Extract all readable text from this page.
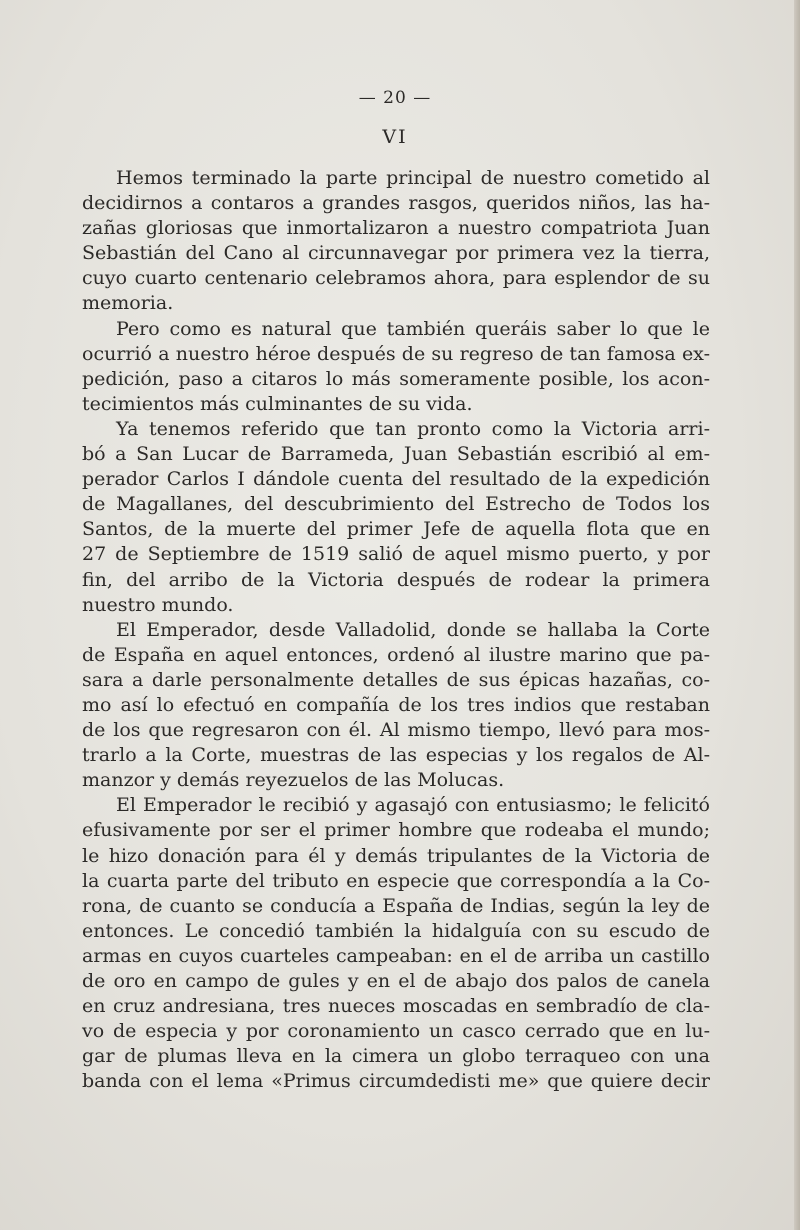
— 20 —
VI
Hemos terminado la parte principal de nuestro cometido al
decidirnos a contaros a grandes rasgos, queridos niños, las ha-
zañas gloriosas que inmortalizaron a nuestro compatriota Juan
Sebastián del Cano al circunnavegar por primera vez la tierra,
cuyo cuarto centenario celebramos ahora, para esplendor de su
memoria.
Pero como es natural que también queráis saber lo que le
ocurrió a nuestro héroe después de su regreso de tan famosa ex-
pedición, paso a citaros lo más someramente posible, los acon-
tecimientos más culminantes de su vida.
Ya tenemos referido que tan pronto como la Victoria arri-
bó a San Lucar de Barrameda, Juan Sebastián escribió al em-
perador Carlos I dándole cuenta del resultado de la expedición
de Magallanes, del descubrimiento del Estrecho de Todos los
Santos, de la muerte del primer Jefe de aquella flota que en
27 de Septiembre de 1519 salió de aquel mismo puerto, y por
fin, del arribo de la Victoria después de rodear la primera
nuestro mundo.
El Emperador, desde Valladolid, donde se hallaba la Corte
de España en aquel entonces, ordenó al ilustre marino que pa-
sara a darle personalmente detalles de sus épicas hazañas, co-
mo así lo efectuó en compañía de los tres indios que restaban
de los que regresaron con él. Al mismo tiempo, llevó para mos-
trarlo a la Corte, muestras de las especias y los regalos de Al-
manzor y demás reyezuelos de las Molucas.
El Emperador le recibió y agasajó con entusiasmo; le felicitó
efusivamente por ser el primer hombre que rodeaba el mundo;
le hizo donación para él y demás tripulantes de la Victoria de
la cuarta parte del tributo en especie que correspondía a la Co-
rona, de cuanto se conducía a España de Indias, según la ley de
entonces. Le concedió también la hidalguía con su escudo de
armas en cuyos cuarteles campeaban: en el de arriba un castillo
de oro en campo de gules y en el de abajo dos palos de canela
en cruz andresiana, tres nueces moscadas en sembradío de cla-
vo de especia y por coronamiento un casco cerrado que en lu-
gar de plumas lleva en la cimera un globo terraqueo con una
banda con el lema «Primus circumdedisti me» que quiere decir
